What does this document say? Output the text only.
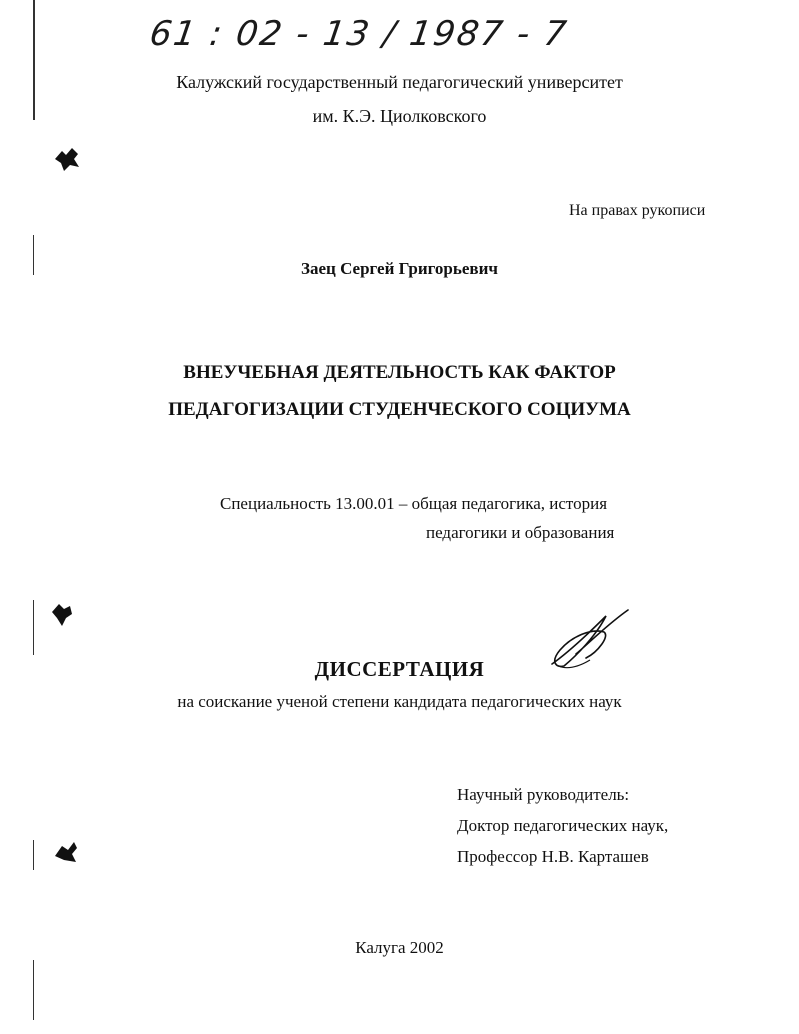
61 : 02 - 13 / 1987 - 7
Калужский государственный педагогический университет
им. К.Э. Циолковского
На правах рукописи
Заец Сергей Григорьевич
ВНЕУЧЕБНАЯ ДЕЯТЕЛЬНОСТЬ КАК ФАКТОР
ПЕДАГОГИЗАЦИИ СТУДЕНЧЕСКОГО СОЦИУМА
Специальность 13.00.01 – общая педагогика, история
педагогики и образования
ДИССЕРТАЦИЯ
на соискание ученой степени кандидата педагогических наук
Научный руководитель:
Доктор педагогических наук,
Профессор Н.В. Карташев
Калуга 2002
